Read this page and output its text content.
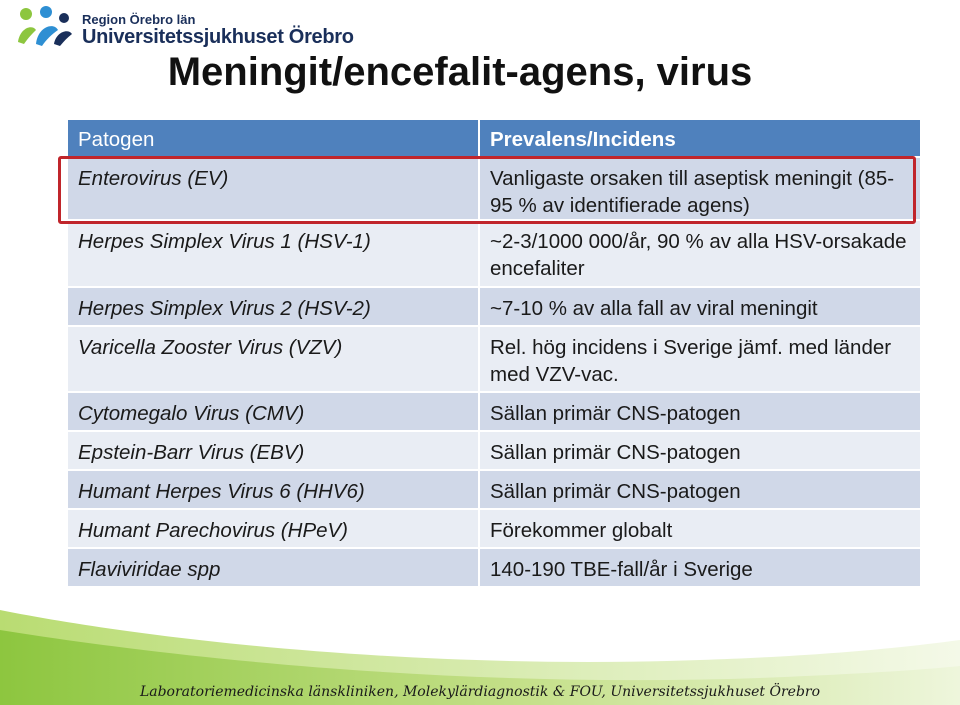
Region Örebro län
Universitetssjukhuset Örebro
Meningit/encefalit-agens, virus
Patogen	Prevalens/Incidens
Enterovirus (EV)	Vanligaste orsaken till aseptisk meningit (85-95 % av identifierade agens)
Herpes Simplex Virus 1 (HSV-1)	~2-3/1000 000/år, 90 % av alla HSV-orsakade encefaliter
Herpes Simplex Virus 2 (HSV-2)	~7-10 % av alla fall av viral meningit
Varicella Zooster Virus (VZV)	Rel. hög incidens i Sverige jämf. med länder med VZV-vac.
Cytomegalo Virus (CMV)	Sällan primär CNS-patogen
Epstein-Barr Virus (EBV)	Sällan primär CNS-patogen
Humant Herpes Virus 6 (HHV6)	Sällan primär CNS-patogen
Humant Parechovirus (HPeV)	Förekommer globalt
Flaviviridae spp	140-190 TBE-fall/år i Sverige
Laboratoriemedicinska länskliniken, Molekylärdiagnostik & FOU, Universitetssjukhuset Örebro
